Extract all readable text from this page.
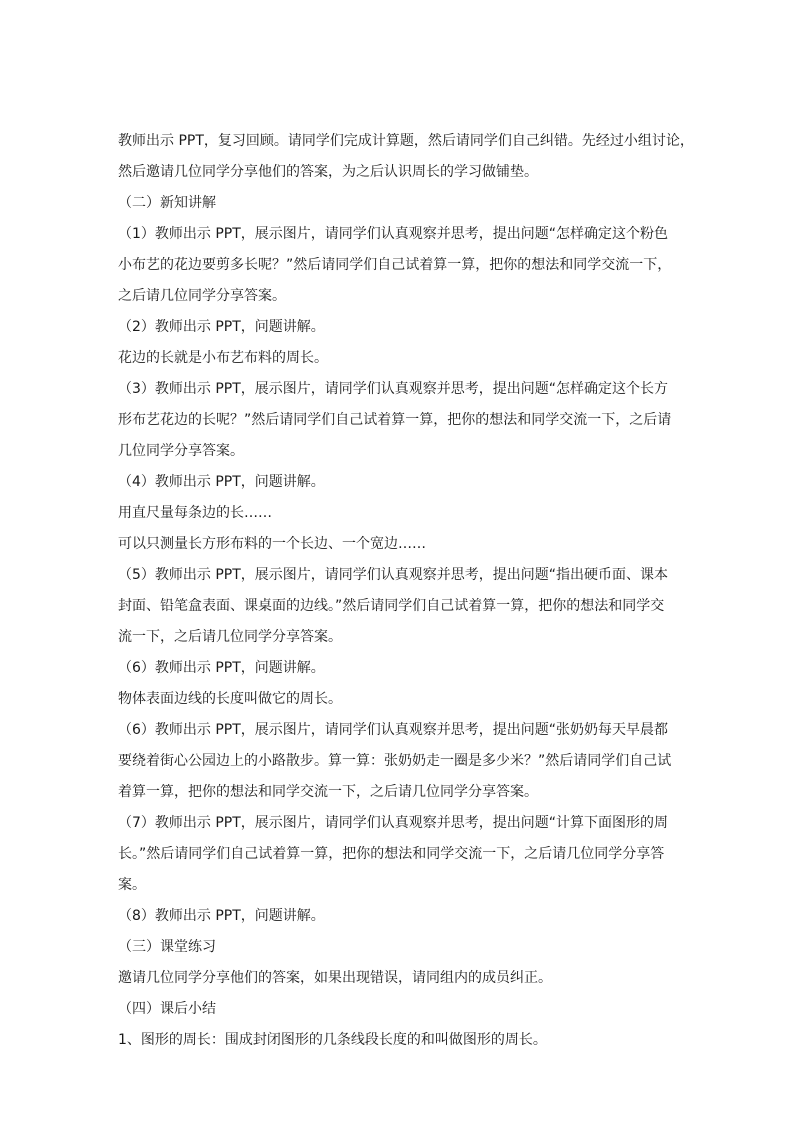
教师出示 PPT，复习回顾。请同学们完成计算题，然后请同学们自己纠错。先经过小组讨论，

然后邀请几位同学分享他们的答案，为之后认识周长的学习做铺垫。

（二）新知讲解

（1）教师出示 PPT，展示图片，请同学们认真观察并思考，提出问题“怎样确定这个粉色

小布艺的花边要剪多长呢？”然后请同学们自己试着算一算，把你的想法和同学交流一下，

之后请几位同学分享答案。

（2）教师出示 PPT，问题讲解。

花边的长就是小布艺布料的周长。

（3）教师出示 PPT，展示图片，请同学们认真观察并思考，提出问题“怎样确定这个长方

形布艺花边的长呢？”然后请同学们自己试着算一算，把你的想法和同学交流一下，之后请

几位同学分享答案。

（4）教师出示 PPT，问题讲解。

用直尺量每条边的长……

可以只测量长方形布料的一个长边、一个宽边……

（5）教师出示 PPT，展示图片，请同学们认真观察并思考，提出问题“指出硬币面、课本

封面、铅笔盒表面、课桌面的边线。”然后请同学们自己试着算一算，把你的想法和同学交

流一下，之后请几位同学分享答案。

（6）教师出示 PPT，问题讲解。

物体表面边线的长度叫做它的周长。

（6）教师出示 PPT，展示图片，请同学们认真观察并思考，提出问题“张奶奶每天早晨都

要绕着街心公园边上的小路散步。算一算：张奶奶走一圈是多少米？”然后请同学们自己试

着算一算，把你的想法和同学交流一下，之后请几位同学分享答案。

（7）教师出示 PPT，展示图片，请同学们认真观察并思考，提出问题“计算下面图形的周

长。”然后请同学们自己试着算一算，把你的想法和同学交流一下，之后请几位同学分享答

案。

（8）教师出示 PPT，问题讲解。

（三）课堂练习

邀请几位同学分享他们的答案，如果出现错误，请同组内的成员纠正。

（四）课后小结

1、图形的周长：围成封闭图形的几条线段长度的和叫做图形的周长。
